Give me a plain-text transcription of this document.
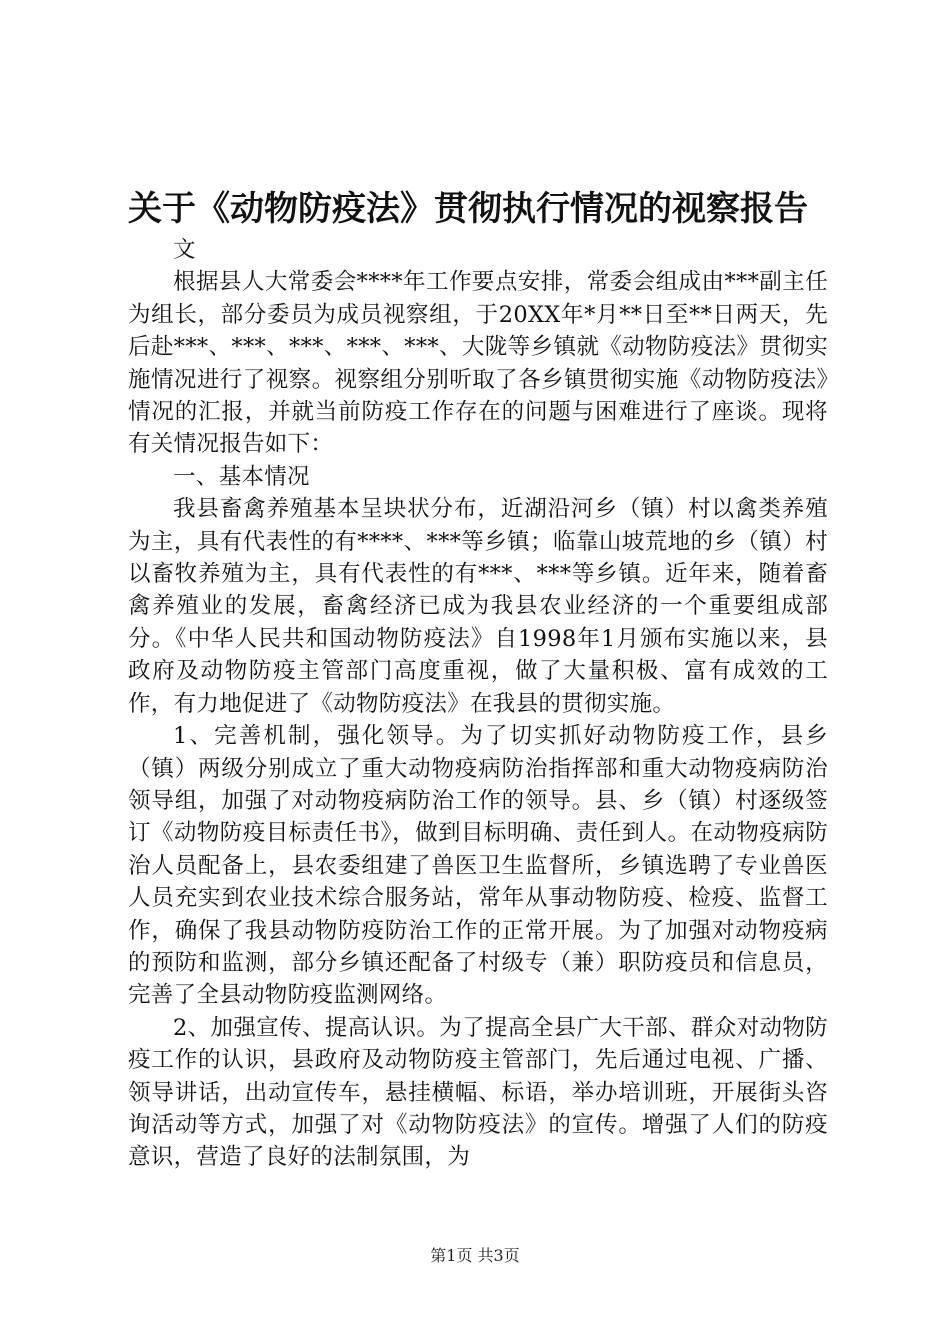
关于《动物防疫法》贯彻执行情况的视察报告

文

根据县人大常委会****年工作要点安排，常委会组成由***副主任为组长，部分委员为成员视察组，于20XX年*月**日至**日两天，先后赴***、***、***、***、***、大陇等乡镇就《动物防疫法》贯彻实施情况进行了视察。视察组分别听取了各乡镇贯彻实施《动物防疫法》情况的汇报，并就当前防疫工作存在的问题与困难进行了座谈。现将有关情况报告如下：

一、基本情况

我县畜禽养殖基本呈块状分布，近湖沿河乡（镇）村以禽类养殖为主，具有代表性的有****、***等乡镇；临靠山坡荒地的乡（镇）村以畜牧养殖为主，具有代表性的有***、***等乡镇。近年来，随着畜禽养殖业的发展，畜禽经济已成为我县农业经济的一个重要组成部分。《中华人民共和国动物防疫法》自1998年1月颁布实施以来，县政府及动物防疫主管部门高度重视，做了大量积极、富有成效的工作，有力地促进了《动物防疫法》在我县的贯彻实施。

1、完善机制，强化领导。为了切实抓好动物防疫工作，县乡（镇）两级分别成立了重大动物疫病防治指挥部和重大动物疫病防治领导组，加强了对动物疫病防治工作的领导。县、乡（镇）村逐级签订《动物防疫目标责任书》，做到目标明确、责任到人。在动物疫病防治人员配备上，县农委组建了兽医卫生监督所，乡镇选聘了专业兽医人员充实到农业技术综合服务站，常年从事动物防疫、检疫、监督工作，确保了我县动物防疫防治工作的正常开展。为了加强对动物疫病的预防和监测，部分乡镇还配备了村级专（兼）职防疫员和信息员，完善了全县动物防疫监测网络。

2、加强宣传、提高认识。为了提高全县广大干部、群众对动物防疫工作的认识，县政府及动物防疫主管部门，先后通过电视、广播、领导讲话，出动宣传车，悬挂横幅、标语，举办培训班，开展街头咨询活动等方式，加强了对《动物防疫法》的宣传。增强了人们的防疫意识，营造了良好的法制氛围，为

第1页 共3页
